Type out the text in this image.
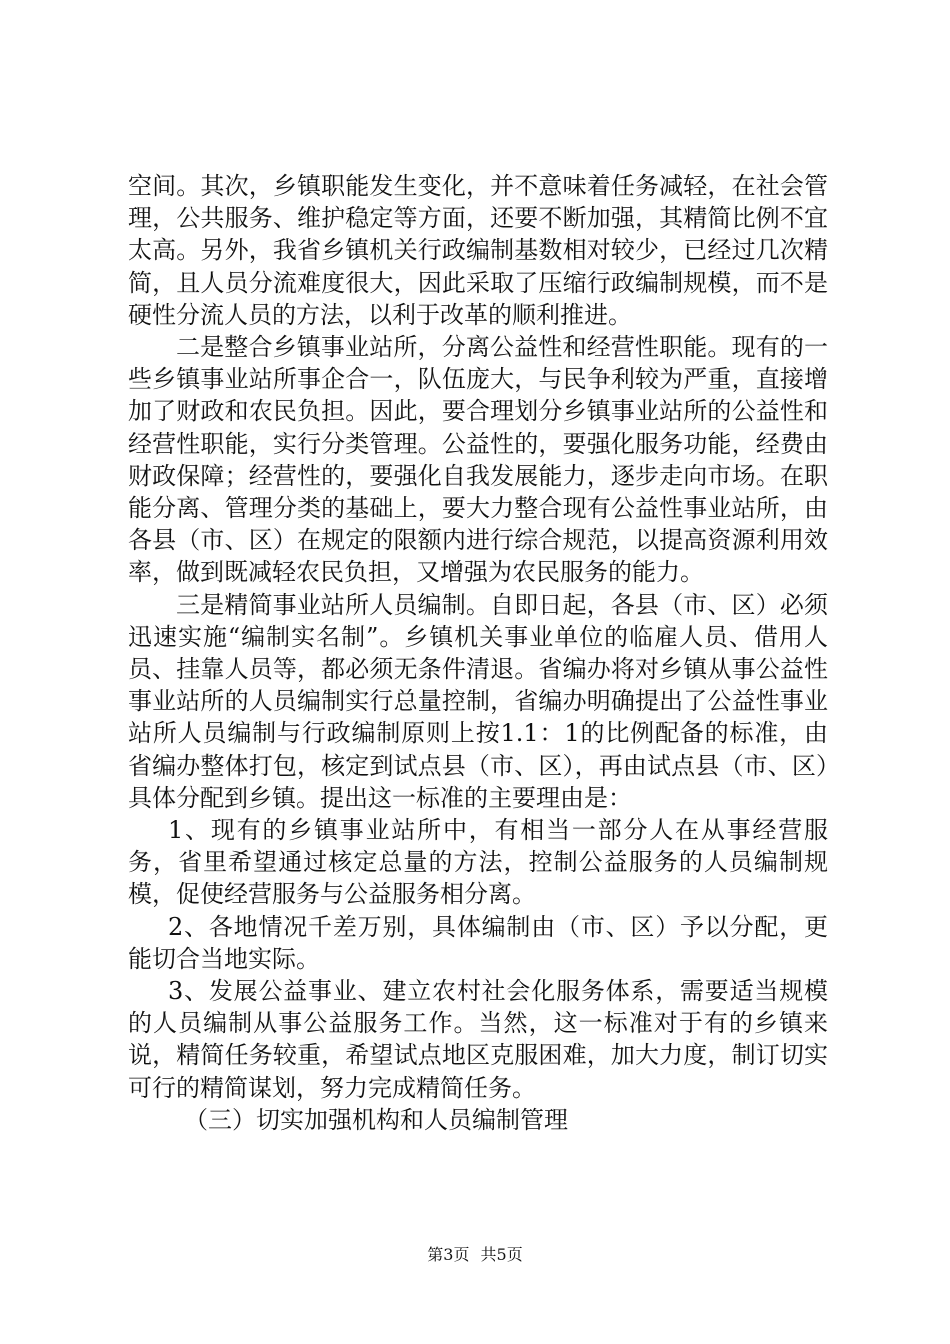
空间。其次，乡镇职能发生变化，并不意味着任务减轻，在社会管理，公共服务、维护稳定等方面，还要不断加强，其精简比例不宜太高。另外，我省乡镇机关行政编制基数相对较少，已经过几次精简，且人员分流难度很大，因此采取了压缩行政编制规模，而不是硬性分流人员的方法，以利于改革的顺利推进。

二是整合乡镇事业站所，分离公益性和经营性职能。现有的一些乡镇事业站所事企合一，队伍庞大，与民争利较为严重，直接增加了财政和农民负担。因此，要合理划分乡镇事业站所的公益性和经营性职能，实行分类管理。公益性的，要强化服务功能，经费由财政保障；经营性的，要强化自我发展能力，逐步走向市场。在职能分离、管理分类的基础上，要大力整合现有公益性事业站所，由各县（市、区）在规定的限额内进行综合规范，以提高资源利用效率，做到既减轻农民负担，又增强为农民服务的能力。

三是精简事业站所人员编制。自即日起，各县（市、区）必须迅速实施“编制实名制”。乡镇机关事业单位的临雇人员、借用人员、挂靠人员等，都必须无条件清退。省编办将对乡镇从事公益性事业站所的人员编制实行总量控制，省编办明确提出了公益性事业站所人员编制与行政编制原则上按1.1：1的比例配备的标准，由省编办整体打包，核定到试点县（市、区），再由试点县（市、区）具体分配到乡镇。提出这一标准的主要理由是：

1、现有的乡镇事业站所中，有相当一部分人在从事经营服务，省里希望通过核定总量的方法，控制公益服务的人员编制规模，促使经营服务与公益服务相分离。

2、各地情况千差万别，具体编制由（市、区）予以分配，更能切合当地实际。

3、发展公益事业、建立农村社会化服务体系，需要适当规模的人员编制从事公益服务工作。当然，这一标准对于有的乡镇来说，精简任务较重，希望试点地区克服困难，加大力度，制订切实可行的精简谋划，努力完成精简任务。

（三）切实加强机构和人员编制管理

第3页 共5页
